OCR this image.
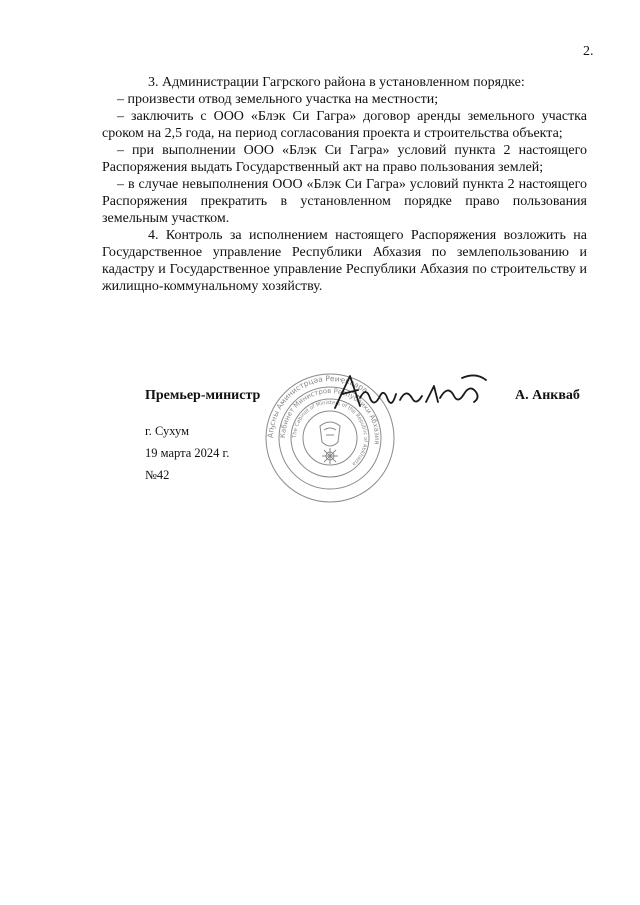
2.

3. Администрации Гагрского района в установленном порядке:

– произвести отвод земельного участка на местности;

– заключить с ООО «Блэк Си Гагра» договор аренды земельного участка сроком на 2,5 года, на период согласования проекта и строительства объекта;

– при выполнении ООО «Блэк Си Гагра» условий пункта 2 настоящего Распоряжения выдать Государственный акт на право пользования землей;

– в случае невыполнения ООО «Блэк Си Гагра» условий пункта 2 настоящего Распоряжения прекратить в установленном порядке право пользования земельным участком.

4. Контроль за исполнением настоящего Распоряжения возложить на Государственное управление Республики Абхазия по землепользованию и кадастру и Государственное управление Республики Абхазия по строительству и жилищно-коммунальному хозяйству.

Аҧсны Аминистрцәа Реиҿкаара
Кабинет Министров Республики Абхазия
The Cabinet of Ministers of the Republic of Abkhazia
Премьер-министр	А. Анкваб
г. Сухум
19 марта 2024 г.
№42
